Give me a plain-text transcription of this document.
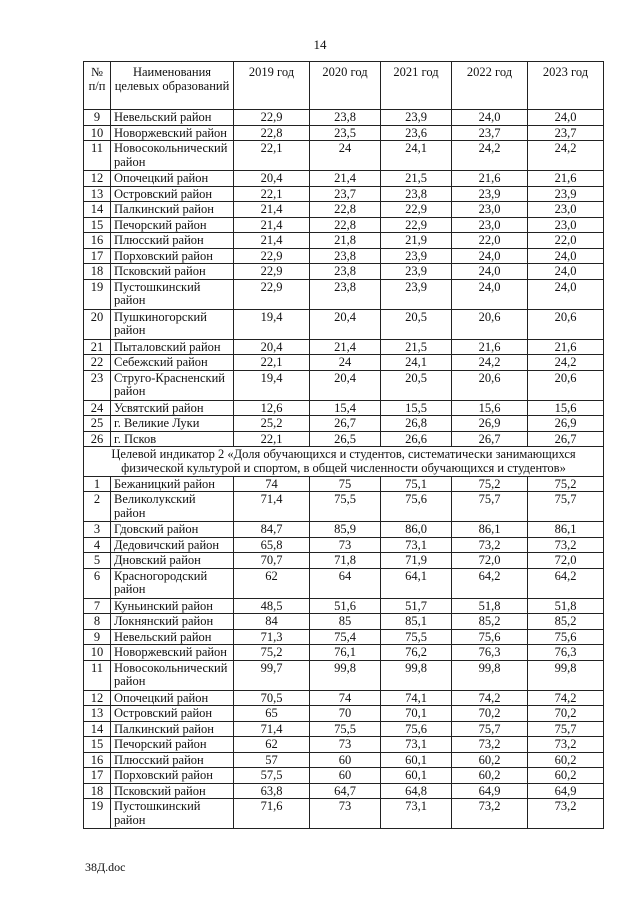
14
№ п/п	Наименования целевых образований	2019 год	2020 год	2021 год	2022 год	2023 год
9	Невельский район	22,9	23,8	23,9	24,0	24,0
10	Новоржевский район	22,8	23,5	23,6	23,7	23,7
11	Новосокольнический район	22,1	24	24,1	24,2	24,2
12	Опочецкий район	20,4	21,4	21,5	21,6	21,6
13	Островский район	22,1	23,7	23,8	23,9	23,9
14	Палкинский район	21,4	22,8	22,9	23,0	23,0
15	Печорский район	21,4	22,8	22,9	23,0	23,0
16	Плюсский район	21,4	21,8	21,9	22,0	22,0
17	Порховский район	22,9	23,8	23,9	24,0	24,0
18	Псковский район	22,9	23,8	23,9	24,0	24,0
19	Пустошкинский район	22,9	23,8	23,9	24,0	24,0
20	Пушкиногорский район	19,4	20,4	20,5	20,6	20,6
21	Пыталовский район	20,4	21,4	21,5	21,6	21,6
22	Себежский район	22,1	24	24,1	24,2	24,2
23	Струго-Красненский район	19,4	20,4	20,5	20,6	20,6
24	Усвятский район	12,6	15,4	15,5	15,6	15,6
25	г. Великие Луки	25,2	26,7	26,8	26,9	26,9
26	г. Псков	22,1	26,5	26,6	26,7	26,7
Целевой индикатор 2 «Доля обучающихся и студентов, систематически занимающихся физической культурой и спортом, в общей численности обучающихся и студентов»						
1	Бежаницкий район	74	75	75,1	75,2	75,2
2	Великолукский район	71,4	75,5	75,6	75,7	75,7
3	Гдовский район	84,7	85,9	86,0	86,1	86,1
4	Дедовичский район	65,8	73	73,1	73,2	73,2
5	Дновский район	70,7	71,8	71,9	72,0	72,0
6	Красногородский район	62	64	64,1	64,2	64,2
7	Куньинский район	48,5	51,6	51,7	51,8	51,8
8	Локнянский район	84	85	85,1	85,2	85,2
9	Невельский район	71,3	75,4	75,5	75,6	75,6
10	Новоржевский район	75,2	76,1	76,2	76,3	76,3
11	Новосокольнический район	99,7	99,8	99,8	99,8	99,8
12	Опочецкий район	70,5	74	74,1	74,2	74,2
13	Островский район	65	70	70,1	70,2	70,2
14	Палкинский район	71,4	75,5	75,6	75,7	75,7
15	Печорский район	62	73	73,1	73,2	73,2
16	Плюсский район	57	60	60,1	60,2	60,2
17	Порховский район	57,5	60	60,1	60,2	60,2
18	Псковский район	63,8	64,7	64,8	64,9	64,9
19	Пустошкинский район	71,6	73	73,1	73,2	73,2
38Д.doc
